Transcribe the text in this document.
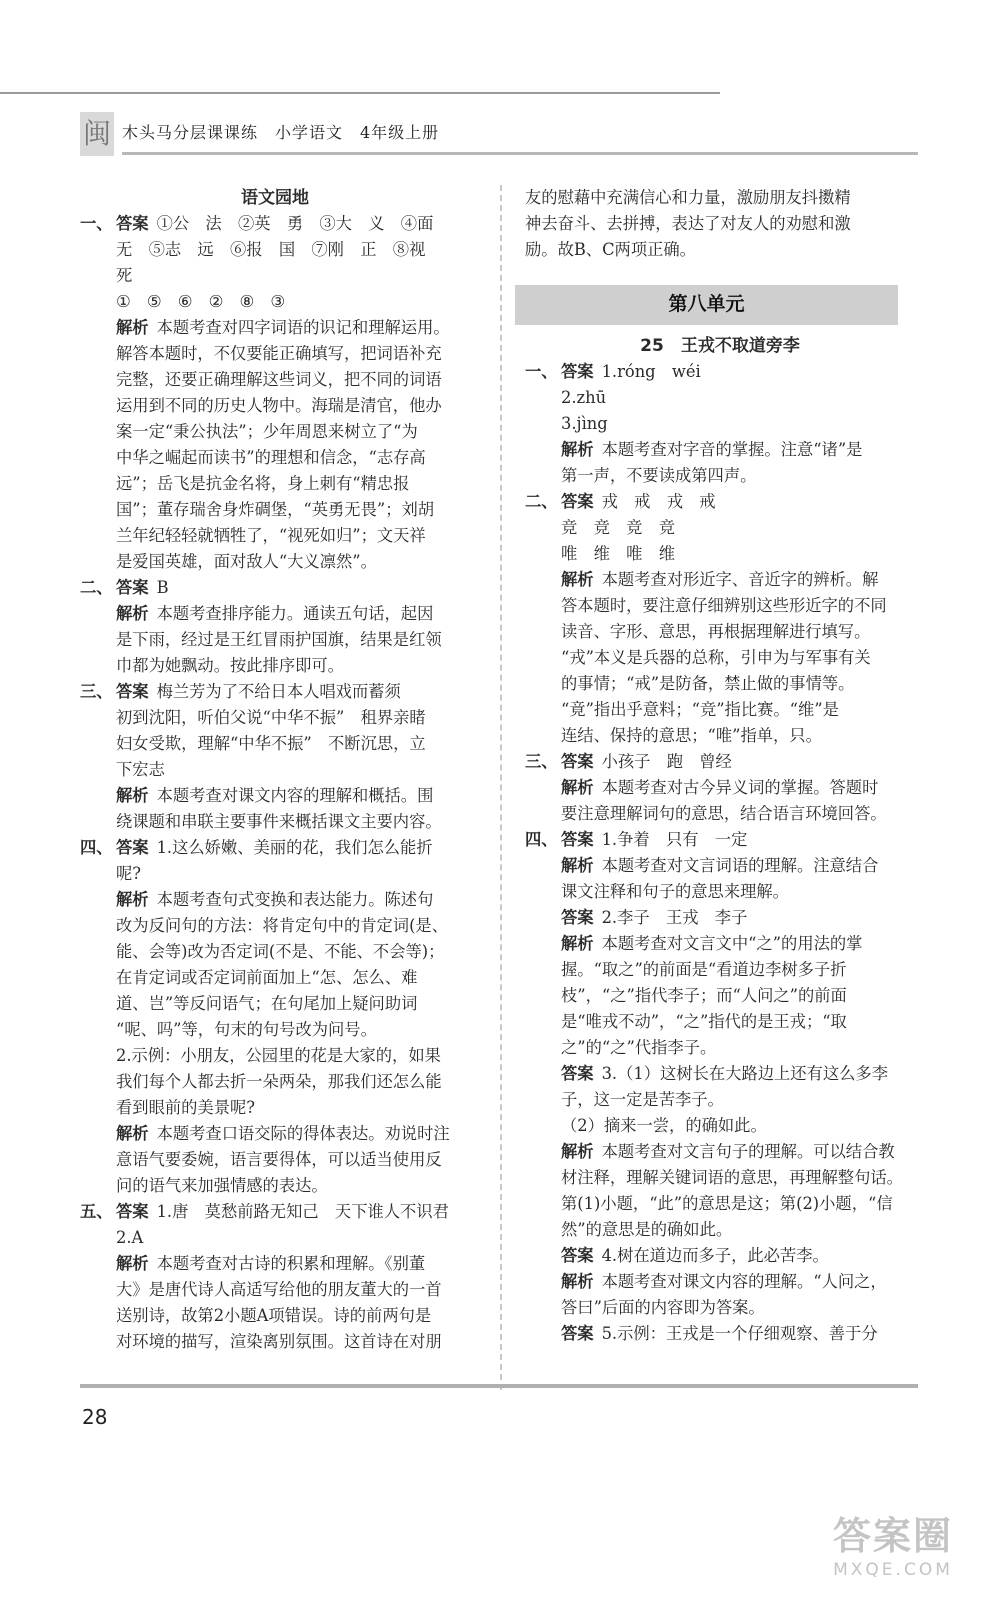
闽 木头马分层课课练　小学语文　4年级上册

语文园地

一、 答案 ①公　法　②英　勇　③大　义　④面

无　⑤志　远　⑥报　国　⑦刚　正　⑧视

死

①　⑤　⑥　②　⑧　③

解析 本题考查对四字词语的识记和理解运用。

解答本题时，不仅要能正确填写，把词语补充

完整，还要正确理解这些词义，把不同的词语

运用到不同的历史人物中。海瑞是清官，他办

案一定“秉公执法”；少年周恩来树立了“为

中华之崛起而读书”的理想和信念，“志存高

远”；岳飞是抗金名将，身上刺有“精忠报

国”；董存瑞舍身炸碉堡，“英勇无畏”；刘胡

兰年纪轻轻就牺牲了，“视死如归”；文天祥

是爱国英雄，面对敌人“大义凛然”。

二、 答案 B

解析 本题考查排序能力。通读五句话，起因

是下雨，经过是王红冒雨护国旗，结果是红领

巾都为她飘动。按此排序即可。

三、 答案 梅兰芳为了不给日本人唱戏而蓄须

初到沈阳，听伯父说“中华不振”　租界亲睹

妇女受欺，理解“中华不振”　不断沉思，立

下宏志

解析 本题考查对课文内容的理解和概括。围

绕课题和串联主要事件来概括课文主要内容。

四、 答案 1.这么娇嫩、美丽的花，我们怎么能折

呢?

解析 本题考查句式变换和表达能力。陈述句

改为反问句的方法：将肯定句中的肯定词(是、

能、会等)改为否定词(不是、不能、不会等)；

在肯定词或否定词前面加上“怎、怎么、难

道、岂”等反问语气；在句尾加上疑问助词

“呢、吗”等，句末的句号改为问号。

2.示例：小朋友，公园里的花是大家的，如果

我们每个人都去折一朵两朵，那我们还怎么能

看到眼前的美景呢?

解析 本题考查口语交际的得体表达。劝说时注

意语气要委婉，语言要得体，可以适当使用反

问的语气来加强情感的表达。

五、 答案 1.唐　莫愁前路无知己　天下谁人不识君

2.A

解析 本题考查对古诗的积累和理解。《别董

大》是唐代诗人高适写给他的朋友董大的一首

送别诗，故第2小题A项错误。诗的前两句是

对环境的描写，渲染离别氛围。这首诗在对朋

友的慰藉中充满信心和力量，激励朋友抖擞精

神去奋斗、去拼搏，表达了对友人的劝慰和激

励。故B、C两项正确。

第八单元

25　王戎不取道旁李

一、 答案 1.róng　wéi

2.zhū

3.jìng

解析 本题考查对字音的掌握。注意“诸”是

第一声，不要读成第四声。

二、 答案 戎　戒　戎　戒

竞　竞　竞　竞

唯　维　唯　维

解析 本题考查对形近字、音近字的辨析。解

答本题时，要注意仔细辨别这些形近字的不同

读音、字形、意思，再根据理解进行填写。

“戎”本义是兵器的总称，引申为与军事有关

的事情；“戒”是防备，禁止做的事情等。

“竟”指出乎意料；“竞”指比赛。“维”是

连结、保持的意思；“唯”指单，只。

三、 答案 小孩子　跑　曾经

解析 本题考查对古今异义词的掌握。答题时

要注意理解词句的意思，结合语言环境回答。

四、 答案 1.争着　只有　一定

解析 本题考查对文言词语的理解。注意结合

课文注释和句子的意思来理解。

答案 2.李子　王戎　李子

解析 本题考查对文言文中“之”的用法的掌

握。“取之”的前面是“看道边李树多子折

枝”，“之”指代李子；而“人问之”的前面

是“唯戎不动”，“之”指代的是王戎；“取

之”的“之”代指李子。

答案 3.（1）这树长在大路边上还有这么多李

子，这一定是苦李子。

（2）摘来一尝，的确如此。

解析 本题考查对文言句子的理解。可以结合教

材注释，理解关键词语的意思，再理解整句话。

第(1)小题，“此”的意思是这；第(2)小题，“信

然”的意思是的确如此。

答案 4.树在道边而多子，此必苦李。

解析 本题考查对课文内容的理解。“人问之，

答曰”后面的内容即为答案。

答案 5.示例：王戎是一个仔细观察、善于分

28
答案圈
MXQE.COM
